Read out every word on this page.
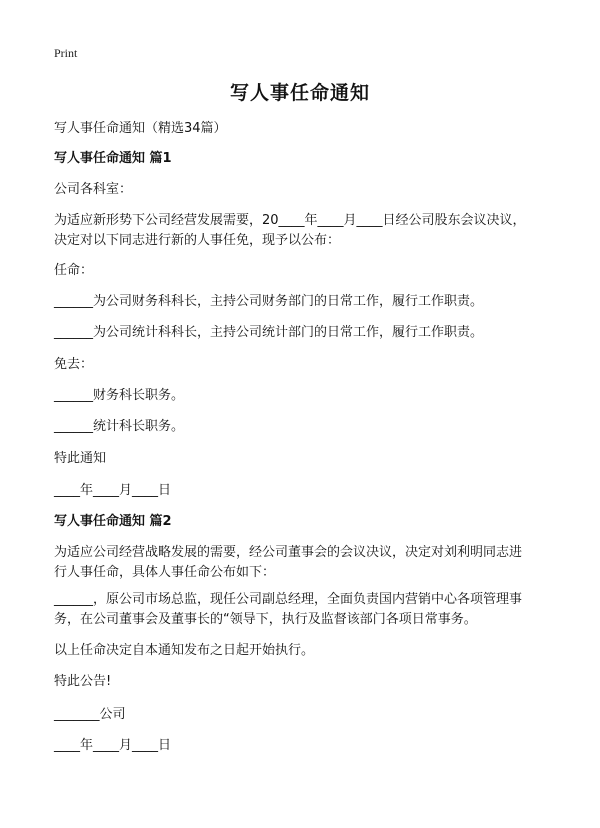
Print
写人事任命通知
写人事任命通知（精选34篇）
写人事任命通知 篇1
公司各科室：
为适应新形势下公司经营发展需要，20____年____月____日经公司股东会议决议，
决定对以下同志进行新的人事任免，现予以公布：
任命：
______为公司财务科科长，主持公司财务部门的日常工作，履行工作职责。
______为公司统计科科长，主持公司统计部门的日常工作，履行工作职责。
免去：
______财务科长职务。
______统计科长职务。
特此通知
____年____月____日
写人事任命通知 篇2
为适应公司经营战略发展的需要，经公司董事会的会议决议，决定对刘利明同志进
行人事任命，具体人事任命公布如下：
______，原公司市场总监，现任公司副总经理，全面负责国内营销中心各项管理事
务，在公司董事会及董事长的“领导下，执行及监督该部门各项日常事务。
以上任命决定自本通知发布之日起开始执行。
特此公告!
_______公司
____年____月____日
